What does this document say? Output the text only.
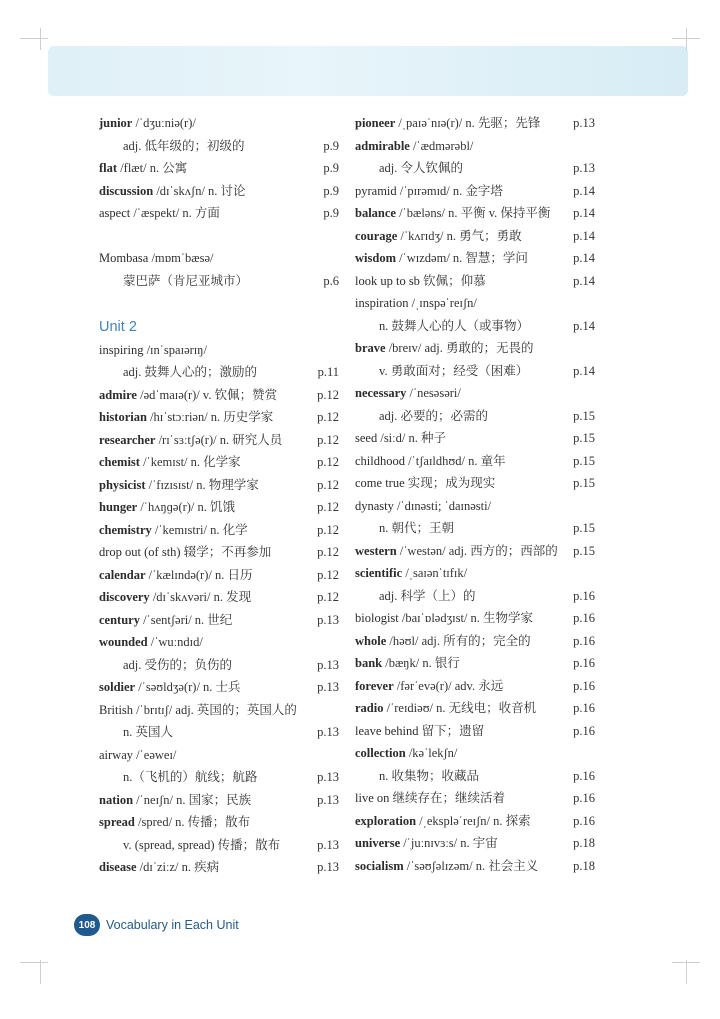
junior /ˈdʒuːniə(r)/
adj. 低年级的；初级的	p.9
flat /flæt/ n. 公寓	p.9
discussion /dɪˈskʌʃn/ n. 讨论	p.9
aspect /ˈæspekt/ n. 方面	p.9
Mombasa /mɒmˈbæsə/
蒙巴萨（肯尼亚城市）	p.6
Unit 2
inspiring /ɪnˈspaɪərɪŋ/
adj. 鼓舞人心的；激励的	p.11
admire /ədˈmaɪə(r)/ v. 钦佩；赞赏	p.12
historian /hɪˈstɔːriən/ n. 历史学家	p.12
researcher /rɪˈsɜːtʃə(r)/ n. 研究人员	p.12
chemist /ˈkemɪst/ n. 化学家	p.12
physicist /ˈfɪzɪsɪst/ n. 物理学家	p.12
hunger /ˈhʌŋɡə(r)/ n. 饥饿	p.12
chemistry /ˈkemɪstri/ n. 化学	p.12
drop out (of sth) 辍学；不再参加	p.12
calendar /ˈkælɪndə(r)/ n. 日历	p.12
discovery /dɪˈskʌvəri/ n. 发现	p.12
century /ˈsentʃəri/ n. 世纪	p.13
wounded /ˈwuːndɪd/
adj. 受伤的；负伤的	p.13
soldier /ˈsəʊldʒə(r)/ n. 士兵	p.13
British /ˈbrɪtɪʃ/ adj. 英国的；英国人的
n. 英国人	p.13
airway /ˈeəweɪ/
n.（飞机的）航线；航路	p.13
nation /ˈneɪʃn/ n. 国家；民族	p.13
spread /spred/ n. 传播；散布
v. (spread, spread) 传播；散布	p.13
disease /dɪˈziːz/ n. 疾病	p.13
pioneer /ˌpaɪəˈnɪə(r)/ n. 先驱；先锋	p.13
admirable /ˈædmərəbl/
adj. 令人钦佩的	p.13
pyramid /ˈpɪrəmɪd/ n. 金字塔	p.14
balance /ˈbæləns/ n. 平衡 v. 保持平衡 p.14
courage /ˈkʌrɪdʒ/ n. 勇气；勇敢	p.14
wisdom /ˈwɪzdəm/ n. 智慧；学问	p.14
look up to sb 钦佩；仰慕	p.14
inspiration /ˌɪnspəˈreɪʃn/
n. 鼓舞人心的人（或事物）	p.14
brave /breɪv/ adj. 勇敢的；无畏的
v. 勇敢面对；经受（困难）	p.14
necessary /ˈnesəsəri/
adj. 必要的；必需的	p.15
seed /siːd/ n. 种子	p.15
childhood /ˈtʃaɪldhʊd/ n. 童年	p.15
come true 实现；成为现实	p.15
dynasty /ˈdɪnəsti; ˈdaɪnəsti/
n. 朝代；王朝	p.15
western /ˈwestən/ adj. 西方的；西部的 p.15
scientific /ˌsaɪənˈtɪfɪk/
adj. 科学（上）的	p.16
biologist /baɪˈɒlədʒɪst/ n. 生物学家	p.16
whole /həʊl/ adj. 所有的；完全的	p.16
bank /bæŋk/ n. 银行	p.16
forever /fərˈevə(r)/ adv. 永远	p.16
radio /ˈreɪdiəʊ/ n. 无线电；收音机	p.16
leave behind 留下；遗留	p.16
collection /kəˈlekʃn/
n. 收集物；收藏品	p.16
live on 继续存在；继续活着	p.16
exploration /ˌekspləˈreɪʃn/ n. 探索	p.16
universe /ˈjuːnɪvɜːs/ n. 宇宙	p.18
socialism /ˈsəʊʃəlɪzəm/ n. 社会主义	p.18
108 Vocabulary in Each Unit
